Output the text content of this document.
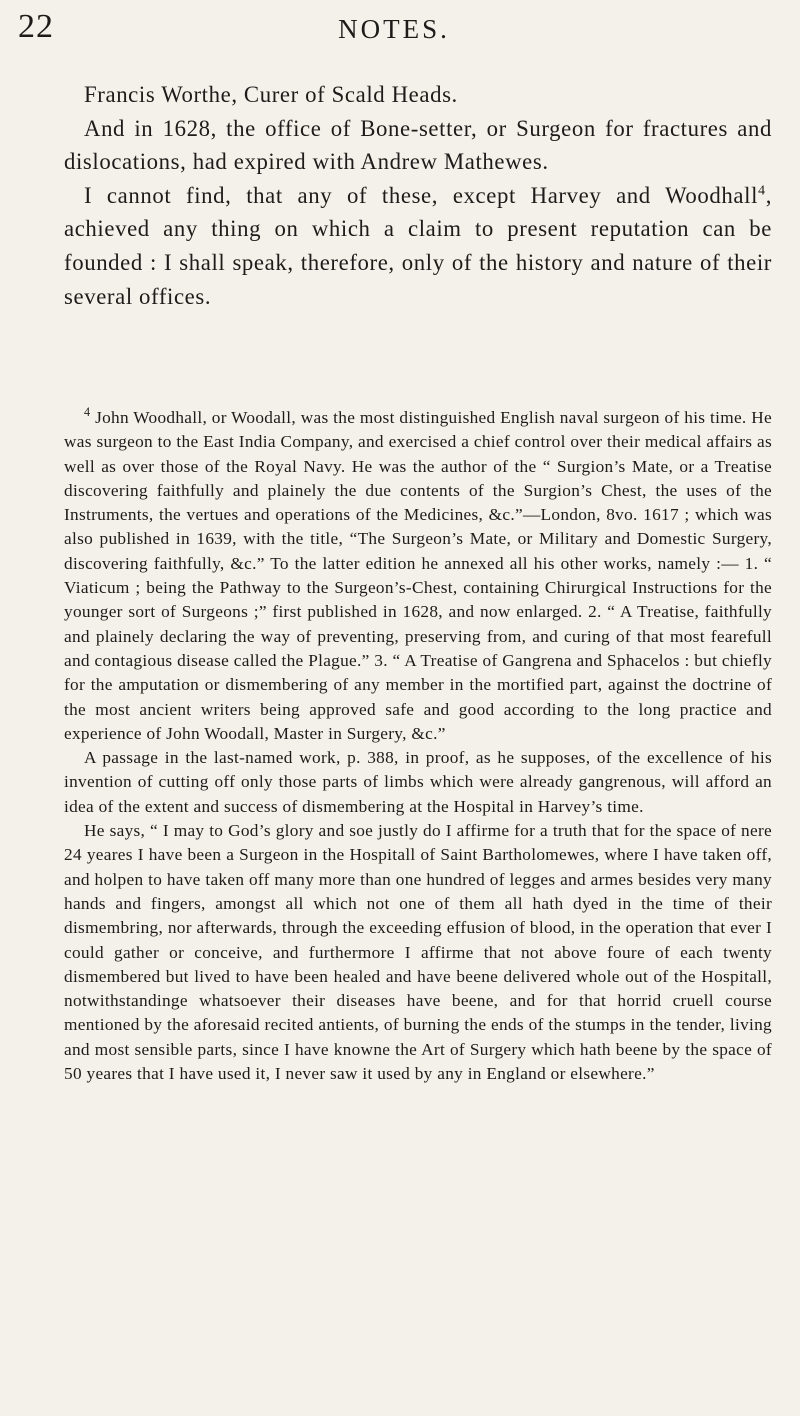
22	NOTES.

Francis Worthe, Curer of Scald Heads.

And in 1628, the office of Bone-setter, or Surgeon for fractures and dislocations, had expired with Andrew Mathewes.

I cannot find, that any of these, except Harvey and Woodhall$^4$, achieved any thing on which a claim to present reputation can be founded : I shall speak, therefore, only of the history and nature of their several offices.

$^4$ John Woodhall, or Woodall, was the most distinguished English naval surgeon of his time. He was surgeon to the East India Company, and exercised a chief control over their medical affairs as well as over those of the Royal Navy. He was the author of the “ Surgion’s Mate, or a Treatise discovering faithfully and plainely the due contents of the Surgion’s Chest, the uses of the Instruments, the vertues and operations of the Medicines, &c.”—London, 8vo. 1617 ; which was also published in 1639, with the title, “The Surgeon’s Mate, or Military and Domestic Surgery, discovering faithfully, &c.” To the latter edition he annexed all his other works, namely :— 1. “ Viaticum ; being the Pathway to the Surgeon’s-Chest, containing Chirurgical Instructions for the younger sort of Surgeons ;” first published in 1628, and now enlarged. 2. “ A Treatise, faithfully and plainely declaring the way of preventing, preserving from, and curing of that most fearefull and contagious disease called the Plague.” 3. “ A Treatise of Gangrena and Sphacelos : but chiefly for the amputation or dismembering of any member in the mortified part, against the doctrine of the most ancient writers being approved safe and good according to the long practice and experience of John Woodall, Master in Surgery, &c.”

A passage in the last-named work, p. 388, in proof, as he supposes, of the excellence of his invention of cutting off only those parts of limbs which were already gangrenous, will afford an idea of the extent and success of dismembering at the Hospital in Harvey’s time.

He says, “ I may to God’s glory and soe justly do I affirme for a truth that for the space of nere 24 yeares I have been a Surgeon in the Hospitall of Saint Bartholomewes, where I have taken off, and holpen to have taken off many more than one hundred of legges and armes besides very many hands and fingers, amongst all which not one of them all hath dyed in the time of their dismembring, nor afterwards, through the exceeding effusion of blood, in the operation that ever I could gather or conceive, and furthermore I affirme that not above foure of each twenty dismembered but lived to have been healed and have beene delivered whole out of the Hospitall, notwithstandinge whatsoever their diseases have beene, and for that horrid cruell course mentioned by the aforesaid recited antients, of burning the ends of the stumps in the tender, living and most sensible parts, since I have knowne the Art of Surgery which hath beene by the space of 50 yeares that I have used it, I never saw it used by any in England or elsewhere.”
